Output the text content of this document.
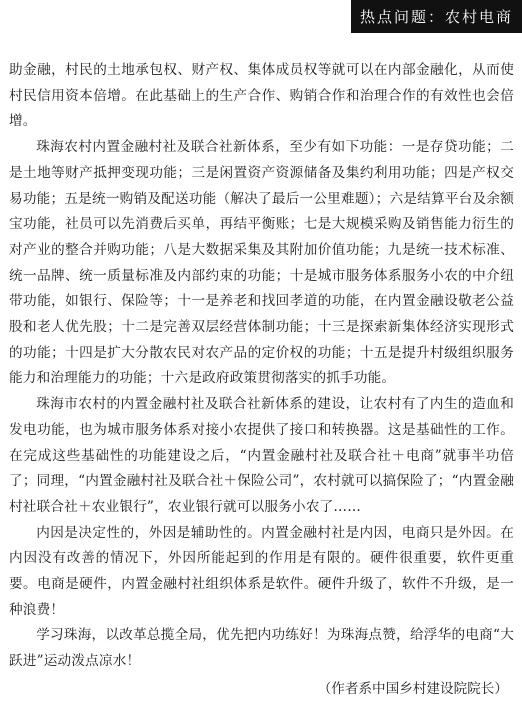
热点问题：农村电商

助金融，村民的土地承包权、财产权、集体成员权等就可以在内部金融化，从而使村民信用资本倍增。在此基础上的生产合作、购销合作和治理合作的有效性也会倍增。

珠海农村内置金融村社及联合社新体系，至少有如下功能：一是存贷功能；二是土地等财产抵押变现功能；三是闲置资产资源储备及集约利用功能；四是产权交易功能；五是统一购销及配送功能（解决了最后一公里难题）；六是结算平台及余额宝功能，社员可以先消费后买单，再结平衡账；七是大规模采购及销售能力衍生的对产业的整合并购功能；八是大数据采集及其附加价值功能；九是统一技术标准、统一品牌、统一质量标准及内部约束的功能；十是城市服务体系服务小农的中介纽带功能，如银行、保险等；十一是养老和找回孝道的功能，在内置金融设敬老公益股和老人优先股；十二是完善双层经营体制功能；十三是探索新集体经济实现形式的功能；十四是扩大分散农民对农产品的定价权的功能；十五是提升村级组织服务能力和治理能力的功能；十六是政府政策贯彻落实的抓手功能。

珠海市农村的内置金融村社及联合社新体系的建设，让农村有了内生的造血和发电功能，也为城市服务体系对接小农提供了接口和转换器。这是基础性的工作。在完成这些基础性的功能建设之后，“内置金融村社及联合社＋电商”就事半功倍了；同理，“内置金融村社及联合社＋保险公司”，农村就可以搞保险了；“内置金融村社联合社＋农业银行”，农业银行就可以服务小农了……

内因是决定性的，外因是辅助性的。内置金融村社是内因，电商只是外因。在内因没有改善的情况下，外因所能起到的作用是有限的。硬件很重要，软件更重要。电商是硬件，内置金融村社组织体系是软件。硬件升级了，软件不升级，是一种浪费！

学习珠海，以改革总揽全局，优先把内功练好！为珠海点赞，给浮华的电商“大跃进”运动泼点凉水！

（作者系中国乡村建设院院长）
